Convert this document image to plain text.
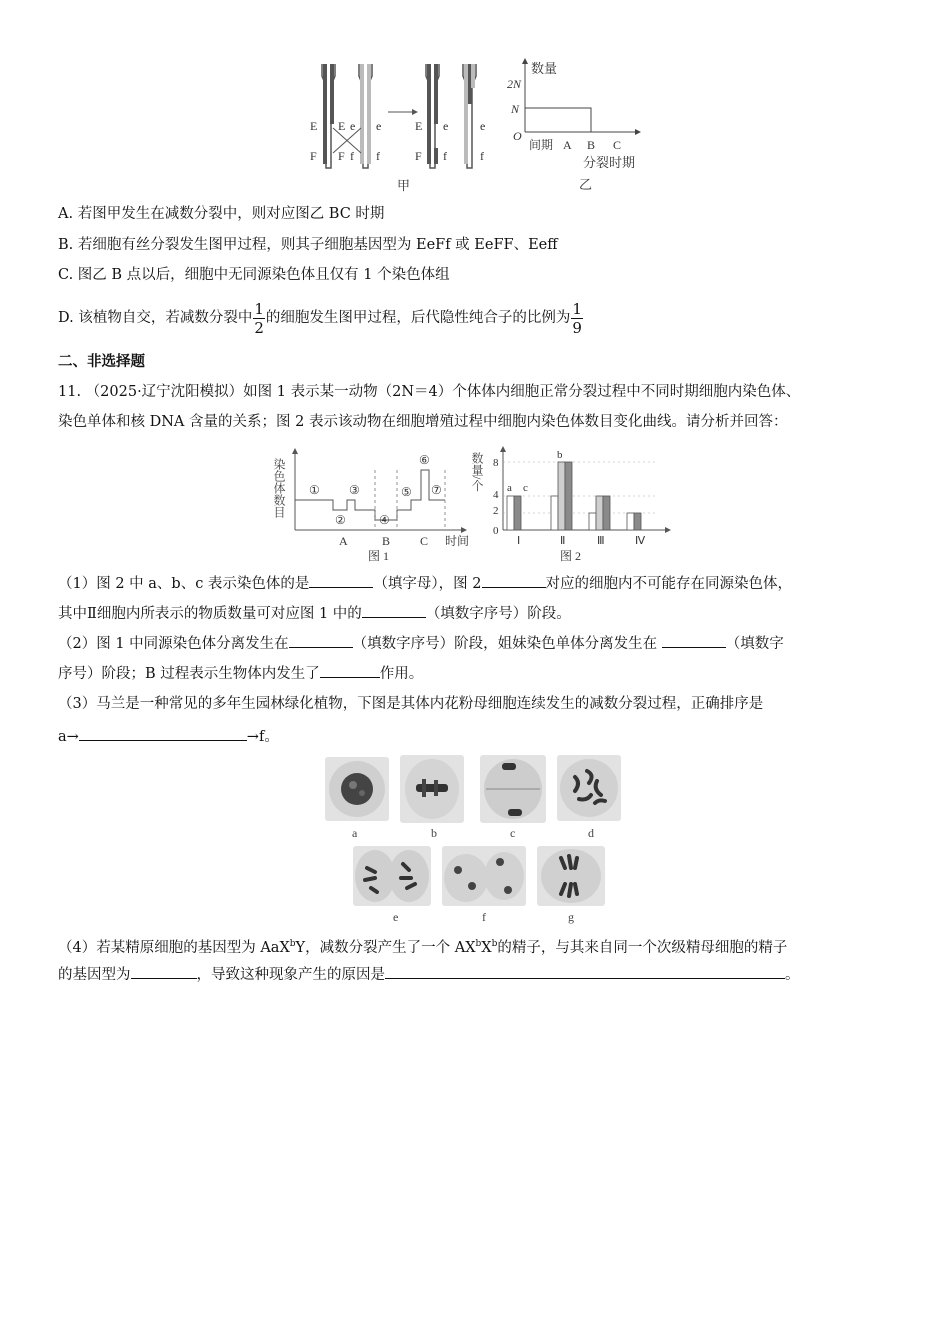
E
F
E e
F f
e
f
E e
F f
e
f
甲
数量
2N
N
O
间期 A B C
分裂时期
乙
A. 若图甲发生在减数分裂中，则对应图乙 BC 时期
B. 若细胞有丝分裂发生图甲过程，则其子细胞基因型为 EeFf 或 EeFF、Eeff
C. 图乙 B 点以后，细胞中无同源染色体且仅有 1 个染色体组
D. 该植物自交，若减数分裂中 $\frac{1}{2}$ 的细胞发生图甲过程，后代隐性纯合子的比例为 $\frac{1}{9}$
二、非选择题
11. （2025·辽宁沈阳模拟）如图 1 表示某一动物（2N＝4）个体体内细胞正常分裂过程中不同时期细胞内染色体、
染色单体和核 DNA 含量的关系；图 2 表示该动物在细胞增殖过程中细胞内染色体数目变化曲线。请分析并回答：
染色体数目 ①
②
③
④
⑤
⑥
⑦
A	B C 时间
图 1
数量/个 8
4
2
0
a c
b
Ⅰ	Ⅱ	Ⅲ	Ⅳ
图 2
（1）图 2 中 a、b、c 表示染色体的是	（填字母），图 2	对应的细胞内不可能存在同源染色体，
其中Ⅱ细胞内所表示的物质数量可对应图 1 中的	（填数字序号）阶段。
（2）图 1 中同源染色体分离发生在	（填数字序号）阶段，姐妹染色单体分离发生在	（填数字
序号）阶段；B 过程表示生物体内发生了	作用。
（3）马兰是一种常见的多年生园林绿化植物，下图是其体内花粉母细胞连续发生的减数分裂过程，正确排序是
a→	→f。
a	b	c	d
e	f	g
（4）若某精原细胞的基因型为 AaX$^b$Y，减数分裂产生了一个 $AX^bX^b$的精子，与其来自同一个次级精母细胞的精子
的基因型为	，导致这种现象产生的原因是	。
